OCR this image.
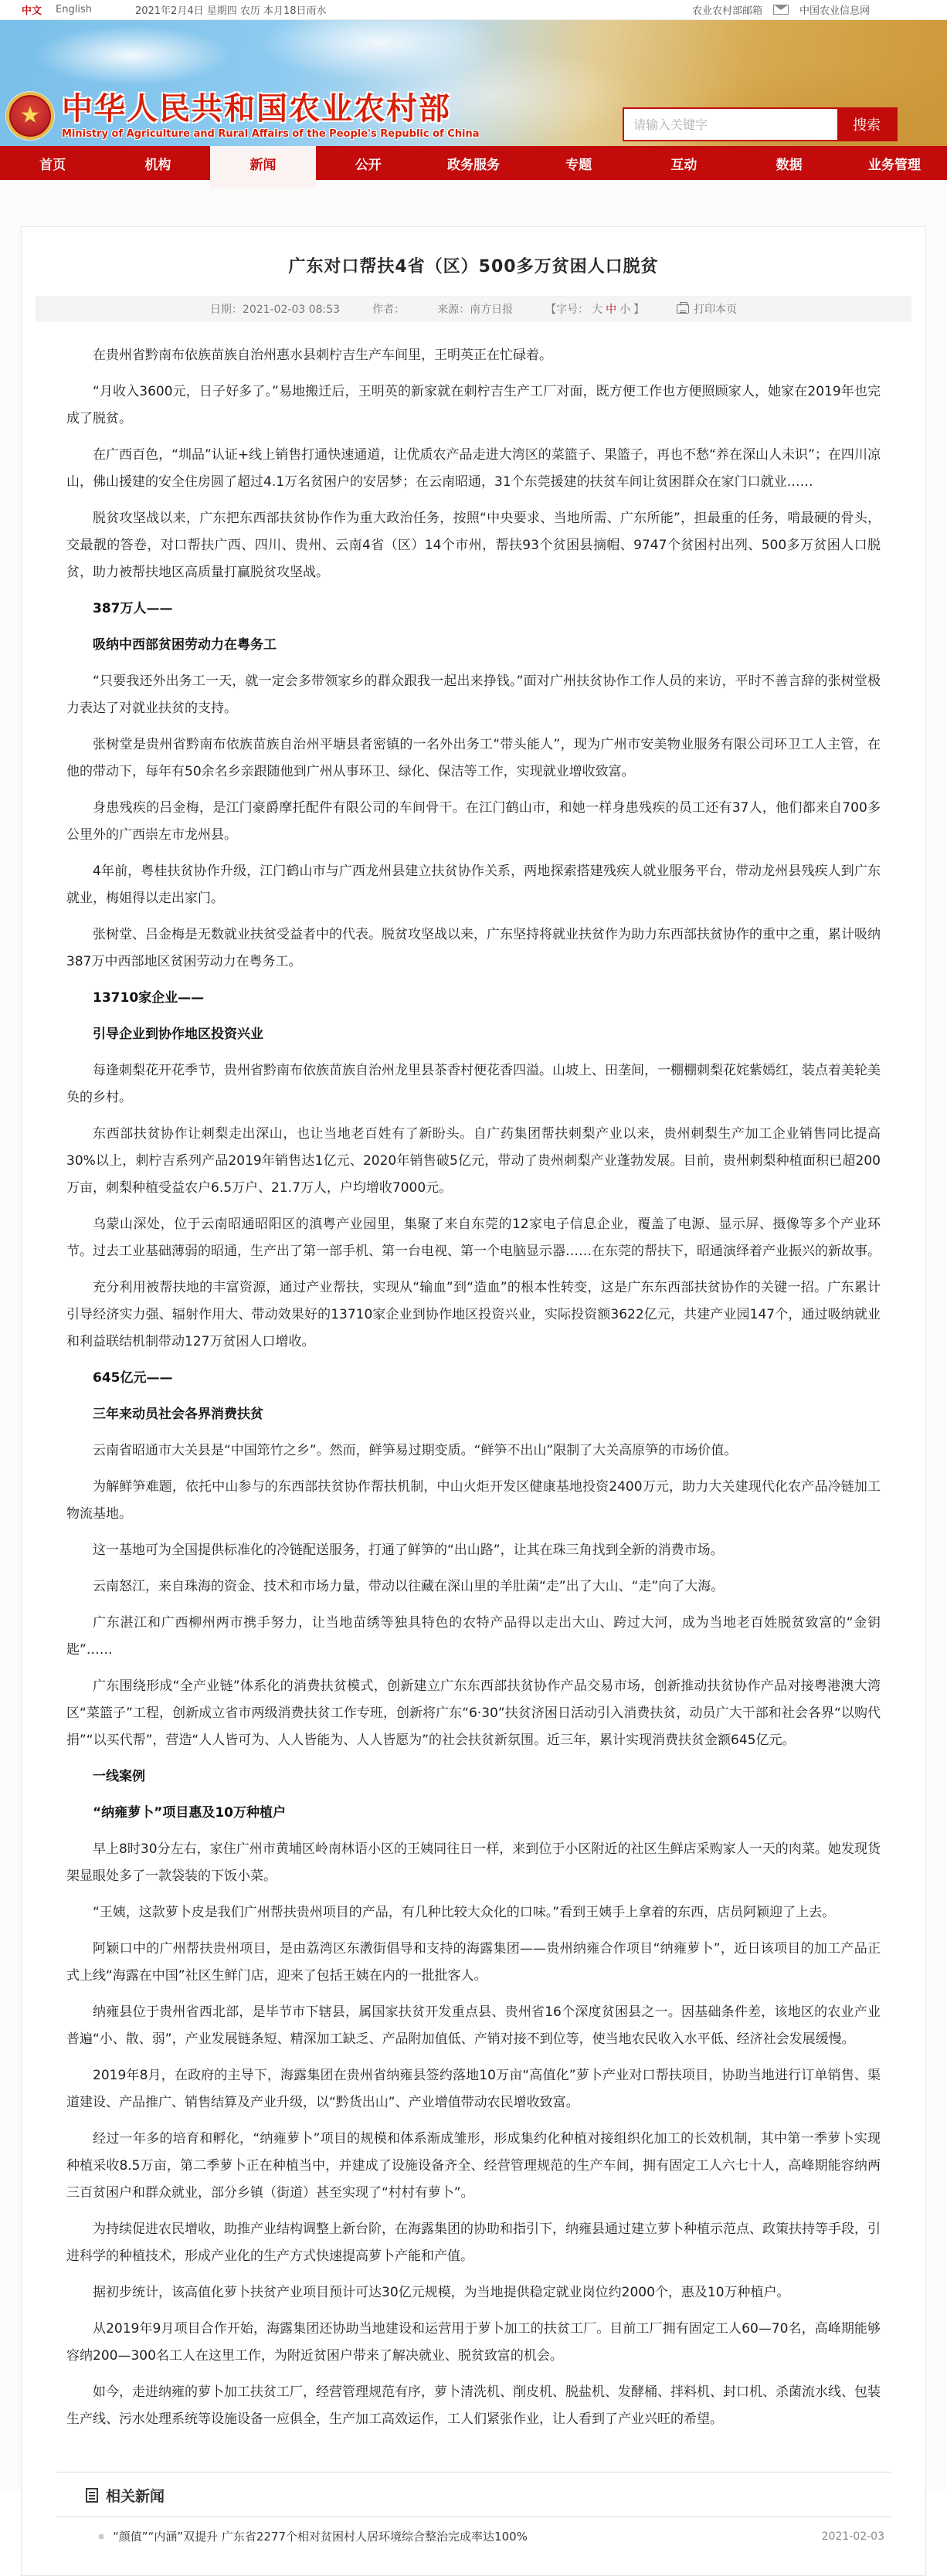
中文 English	2021年2月4日 星期四 农历 本月18日雨水	农业农村部邮箱	中国农业信息网
★ 中华人民共和国农业农村部
Ministry of Agriculture and Rural Affairs of the People's Republic of China
请输入关键字
搜索
首页	机构	新闻	公开	政务服务	专题	互动	数据	业务管理
广东对口帮扶4省（区）500多万贫困人口脱贫
日期：2021-02-03 08:53	作者：	来源：南方日报	【字号： 大 中 小 】	打印本页

在贵州省黔南布依族苗族自治州惠水县刺柠吉生产车间里，王明英正在忙碌着。

“月收入3600元，日子好多了。”易地搬迁后，王明英的新家就在刺柠吉生产工厂对面，既方便工作也方便照顾家人，她家在2019年也完成了脱贫。

在广西百色，“圳品”认证+线上销售打通快速通道，让优质农产品走进大湾区的菜篮子、果篮子，再也不愁“养在深山人未识”；在四川凉山，佛山援建的安全住房圆了超过4.1万名贫困户的安居梦；在云南昭通，31个东莞援建的扶贫车间让贫困群众在家门口就业……

脱贫攻坚战以来，广东把东西部扶贫协作作为重大政治任务，按照“中央要求、当地所需、广东所能”，担最重的任务，啃最硬的骨头，交最靓的答卷，对口帮扶广西、四川、贵州、云南4省（区）14个市州，帮扶93个贫困县摘帽、9747个贫困村出列、500多万贫困人口脱贫，助力被帮扶地区高质量打赢脱贫攻坚战。

387万人——

吸纳中西部贫困劳动力在粤务工

“只要我还外出务工一天，就一定会多带领家乡的群众跟我一起出来挣钱。”面对广州扶贫协作工作人员的来访，平时不善言辞的张树堂极力表达了对就业扶贫的支持。

张树堂是贵州省黔南布依族苗族自治州平塘县者密镇的一名外出务工“带头能人”，现为广州市安美物业服务有限公司环卫工人主管，在他的带动下，每年有50余名乡亲跟随他到广州从事环卫、绿化、保洁等工作，实现就业增收致富。

身患残疾的吕金梅，是江门豪爵摩托配件有限公司的车间骨干。在江门鹤山市，和她一样身患残疾的员工还有37人，他们都来自700多公里外的广西崇左市龙州县。

4年前，粤桂扶贫协作升级，江门鹤山市与广西龙州县建立扶贫协作关系，两地探索搭建残疾人就业服务平台，带动龙州县残疾人到广东就业，梅姐得以走出家门。

张树堂、吕金梅是无数就业扶贫受益者中的代表。脱贫攻坚战以来，广东坚持将就业扶贫作为助力东西部扶贫协作的重中之重，累计吸纳387万中西部地区贫困劳动力在粤务工。

13710家企业——

引导企业到协作地区投资兴业

每逢刺梨花开花季节，贵州省黔南布依族苗族自治州龙里县茶香村便花香四溢。山坡上、田垄间，一棚棚刺梨花姹紫嫣红，装点着美轮美奂的乡村。

东西部扶贫协作让刺梨走出深山，也让当地老百姓有了新盼头。自广药集团帮扶刺梨产业以来，贵州刺梨生产加工企业销售同比提高30%以上，刺柠吉系列产品2019年销售达1亿元、2020年销售破5亿元，带动了贵州刺梨产业蓬勃发展。目前，贵州刺梨种植面积已超200万亩，刺梨种植受益农户6.5万户、21.7万人，户均增收7000元。

乌蒙山深处，位于云南昭通昭阳区的滇粤产业园里，集聚了来自东莞的12家电子信息企业，覆盖了电源、显示屏、摄像等多个产业环节。过去工业基础薄弱的昭通，生产出了第一部手机、第一台电视、第一个电脑显示器……在东莞的帮扶下，昭通演绎着产业振兴的新故事。

充分利用被帮扶地的丰富资源，通过产业帮扶，实现从“输血”到“造血”的根本性转变，这是广东东西部扶贫协作的关键一招。广东累计引导经济实力强、辐射作用大、带动效果好的13710家企业到协作地区投资兴业，实际投资额3622亿元，共建产业园147个，通过吸纳就业和利益联结机制带动127万贫困人口增收。

645亿元——

三年来动员社会各界消费扶贫

云南省昭通市大关县是“中国筇竹之乡”。然而，鲜笋易过期变质。“鲜笋不出山”限制了大关高原笋的市场价值。

为解鲜笋难题，依托中山参与的东西部扶贫协作帮扶机制，中山火炬开发区健康基地投资2400万元，助力大关建现代化农产品冷链加工物流基地。

这一基地可为全国提供标准化的冷链配送服务，打通了鲜笋的“出山路”，让其在珠三角找到全新的消费市场。

云南怒江，来自珠海的资金、技术和市场力量，带动以往藏在深山里的羊肚菌“走”出了大山、“走”向了大海。

广东湛江和广西柳州两市携手努力，让当地苗绣等独具特色的农特产品得以走出大山、跨过大河，成为当地老百姓脱贫致富的“金钥匙”……

广东围绕形成“全产业链”体系化的消费扶贫模式，创新建立广东东西部扶贫协作产品交易市场，创新推动扶贫协作产品对接粤港澳大湾区“菜篮子”工程，创新成立省市两级消费扶贫工作专班，创新将广东“6·30”扶贫济困日活动引入消费扶贫，动员广大干部和社会各界“以购代捐”“以买代帮”，营造“人人皆可为、人人皆能为、人人皆愿为”的社会扶贫新氛围。近三年，累计实现消费扶贫金额645亿元。

一线案例

“纳雍萝卜”项目惠及10万种植户

早上8时30分左右，家住广州市黄埔区岭南林语小区的王姨同往日一样，来到位于小区附近的社区生鲜店采购家人一天的肉菜。她发现货架显眼处多了一款袋装的下饭小菜。

“王姨，这款萝卜皮是我们广州帮扶贵州项目的产品，有几种比较大众化的口味。”看到王姨手上拿着的东西，店员阿颖迎了上去。

阿颖口中的广州帮扶贵州项目，是由荔湾区东漖街倡导和支持的海露集团——贵州纳雍合作项目“纳雍萝卜”，近日该项目的加工产品正式上线“海露在中国”社区生鲜门店，迎来了包括王姨在内的一批批客人。

纳雍县位于贵州省西北部，是毕节市下辖县，属国家扶贫开发重点县、贵州省16个深度贫困县之一。因基础条件差，该地区的农业产业普遍“小、散、弱”，产业发展链条短、精深加工缺乏、产品附加值低、产销对接不到位等，使当地农民收入水平低、经济社会发展缓慢。

2019年8月，在政府的主导下，海露集团在贵州省纳雍县签约落地10万亩“高值化”萝卜产业对口帮扶项目，协助当地进行订单销售、渠道建设、产品推广、销售结算及产业升级，以“黔货出山”、产业增值带动农民增收致富。

经过一年多的培育和孵化，“纳雍萝卜”项目的规模和体系渐成雏形，形成集约化种植对接组织化加工的长效机制，其中第一季萝卜实现种植采收8.5万亩，第二季萝卜正在种植当中，并建成了设施设备齐全、经营管理规范的生产车间，拥有固定工人六七十人，高峰期能容纳两三百贫困户和群众就业，部分乡镇（街道）甚至实现了“村村有萝卜”。

为持续促进农民增收，助推产业结构调整上新台阶，在海露集团的协助和指引下，纳雍县通过建立萝卜种植示范点、政策扶持等手段，引进科学的种植技术，形成产业化的生产方式快速提高萝卜产能和产值。

据初步统计，该高值化萝卜扶贫产业项目预计可达30亿元规模，为当地提供稳定就业岗位约2000个，惠及10万种植户。

从2019年9月项目合作开始，海露集团还协助当地建设和运营用于萝卜加工的扶贫工厂。目前工厂拥有固定工人60—70名，高峰期能够容纳200—300名工人在这里工作，为附近贫困户带来了解决就业、脱贫致富的机会。

如今，走进纳雍的萝卜加工扶贫工厂，经营管理规范有序，萝卜清洗机、削皮机、脱盐机、发酵桶、拌料机、封口机、杀菌流水线、包装生产线、污水处理系统等设施设备一应俱全，生产加工高效运作，工人们紧张作业，让人看到了产业兴旺的希望。

相关新闻
“颜值”“内涵”双提升 广东省2277个相对贫困村人居环境综合整治完成率达100%	2021-02-03
